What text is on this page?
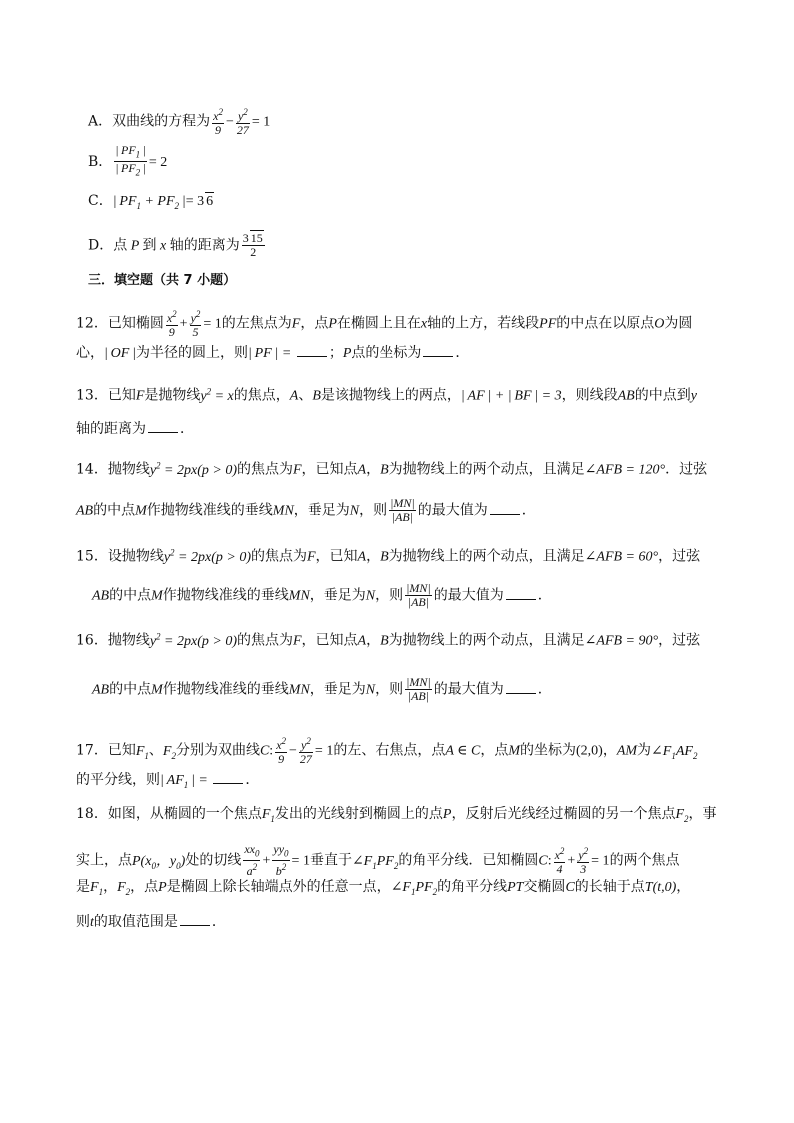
A．双曲线的方程为 $\frac{x^2}{9} - \frac{y^2}{27} = 1$
B． $\frac{| PF_1 |}{| PF_2 |} = 2$
C．| $PF_1 + PF_2$ |= 3 6
D．点 P 到 x 轴的距离为 $\frac{3 15}{2}$
三．填空题（共 7 小题）
12．已知椭圆 $\frac{x^2}{9} + \frac{y^2}{5} = 1$的左焦点为F，点P在椭圆上且在x轴的上方，若线段PF的中点在以原点O为圆
心，| OF |为半径的圆上，则| PF | = ；P点的坐标为 ．
13．已知F是抛物线$y^2 = x$的焦点，A、B是该抛物线上的两点，| AF | + | BF | = 3，则线段AB的中点到y
轴的距离为 ．
14．抛物线$y^2 = 2px(p > 0)$的焦点为F，已知点A，B为抛物线上的两个动点，且满足∠AFB = 120°．过弦
AB的中点M作抛物线准线的垂线MN，垂足为N，则 $\frac{|MN|}{|AB|}$ 的最大值为 ．
15．设抛物线$y^2 = 2px(p > 0)$的焦点为F，已知A，B为抛物线上的两个动点，且满足∠AFB = 60°，过弦
AB的中点M作抛物线准线的垂线MN，垂足为N，则 $\frac{|MN|}{|AB|}$ 的最大值为 ．
16．抛物线$y^2 = 2px(p > 0)$的焦点为F，已知点A，B为抛物线上的两个动点，且满足∠AFB = 90°，过弦
AB的中点M作抛物线准线的垂线MN，垂足为N，则 $\frac{|MN|}{|AB|}$ 的最大值为 ．
17．已知$F_1$、$F_2$分别为双曲线C: $\frac{x^2}{9} - \frac{y^2}{27} = 1$的左、右焦点，点A ∈ C，点M的坐标为(2,0)，AM为$\angle F_1AF_2$
的平分线，则| $AF_1$ | = ．
18．如图，从椭圆的一个焦点$F_1$发出的光线射到椭圆上的点P，反射后光线经过椭圆的另一个焦点$F_2$，事
实上，点$P(x_0$，$y_0$)处的切线 $\frac{xx_0}{a^2} + \frac{yy_0}{b^2} = 1$垂直于$\angle F_1PF_2$的角平分线．已知椭圆C: $\frac{x^2}{4} + \frac{y^2}{3} = 1$的两个焦点
是$F_1$，$F_2$，点P是椭圆上除长轴端点外的任意一点，$\angle F_1PF_2$的角平分线PT交椭圆C的长轴于点T(t,0)，
则t的取值范围是 ．
